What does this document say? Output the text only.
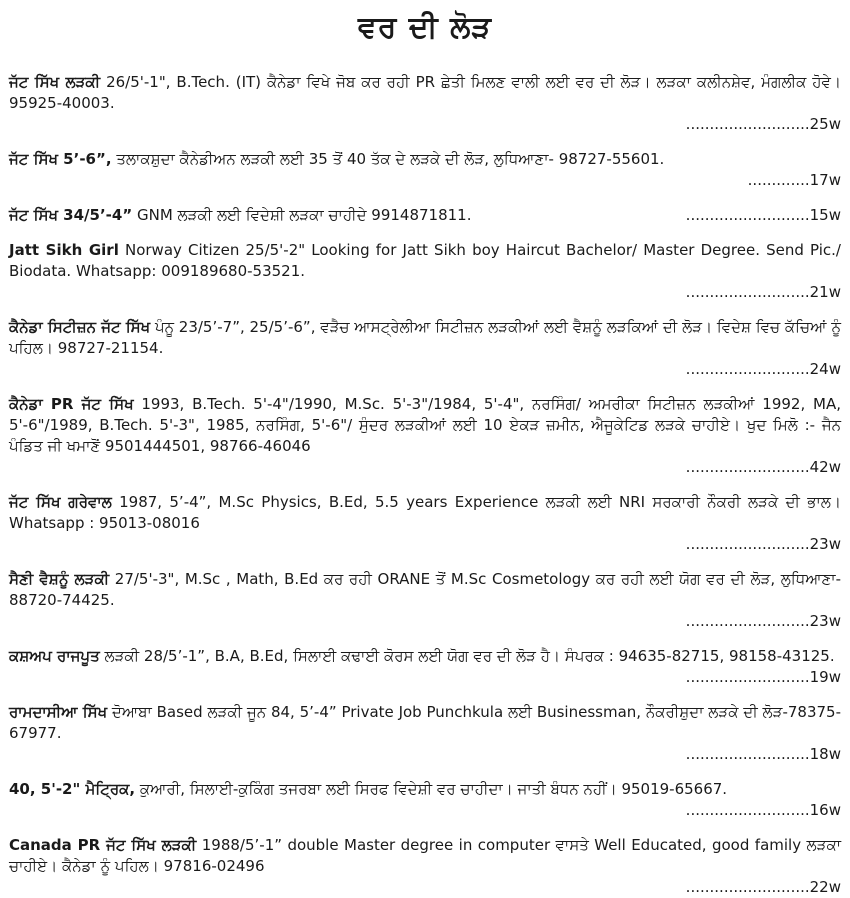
ਵਰ ਦੀ ਲੋੜ
ਜੱਟ ਸਿੱਖ ਲੜਕੀ 26/5'-1", B.Tech. (IT) ਕੈਨੇਡਾ ਵਿਖੇ ਜੋਬ ਕਰ ਰਹੀ PR ਛੇਤੀ ਮਿਲਣ ਵਾਲੀ ਲਈ ਵਰ ਦੀ ਲੋੜ। ਲੜਕਾ ਕਲੀਨਸ਼ੇਵ, ਮੰਗਲੀਕ ਹੋਵੇ। 95925-40003.
..........................25w
ਜੱਟ ਸਿੱਖ 5’-6”, ਤਲਾਕਸ਼ੁਦਾ ਕੈਨੇਡੀਅਨ ਲੜਕੀ ਲਈ 35 ਤੋਂ 40 ਤੱਕ ਦੇ ਲੜਕੇ ਦੀ ਲੋੜ, ਲੁਧਿਆਣਾ- 98727-55601.
.............17w
..........................15w
ਜੱਟ ਸਿੱਖ 34/5’-4” GNM ਲੜਕੀ ਲਈ ਵਿਦੇਸ਼ੀ ਲੜਕਾ ਚਾਹੀਦੇ 9914871811.
Jatt Sikh Girl Norway Citizen 25/5'-2" Looking for Jatt Sikh boy Haircut Bachelor/ Master Degree. Send Pic./ Biodata. Whatsapp: 009189680-53521.
..........................21w
ਕੈਨੇਡਾ ਸਿਟੀਜ਼ਨ ਜੱਟ ਸਿੱਖ ਪੰਨੂ 23/5’-7”, 25/5’-6”, ਵੜੈਚ ਆਸਟ੍ਰੇਲੀਆ ਸਿਟੀਜ਼ਨ ਲੜਕੀਆਂ ਲਈ ਵੈਸ਼ਨੂੰ ਲੜਕਿਆਂ ਦੀ ਲੋੜ। ਵਿਦੇਸ਼ ਵਿਚ ਕੱਚਿਆਂ ਨੂੰ ਪਹਿਲ। 98727-21154.
..........................24w
ਕੈਨੇਡਾ PR ਜੱਟ ਸਿੱਖ 1993, B.Tech. 5'-4"/1990, M.Sc. 5'-3"/1984, 5'-4", ਨਰਸਿੰਗ/ ਅਮਰੀਕਾ ਸਿਟੀਜ਼ਨ ਲੜਕੀਆਂ 1992, MA, 5'-6"/1989, B.Tech. 5'-3", 1985, ਨਰਸਿੰਗ, 5'-6"/ ਸੁੰਦਰ ਲੜਕੀਆਂ ਲਈ 10 ਏਕੜ ਜ਼ਮੀਨ, ਐਜੂਕੇਟਿਡ ਲੜਕੇ ਚਾਹੀਏ। ਖੁਦ ਮਿਲੋ :- ਜੈਨ ਪੰਡਿਤ ਜੀ ਖਮਾਣੋਂ 9501444501, 98766-46046
..........................42w
ਜੱਟ ਸਿੱਖ ਗਰੇਵਾਲ 1987, 5’-4”, M.Sc Physics, B.Ed, 5.5 years Experience ਲੜਕੀ ਲਈ NRI ਸਰਕਾਰੀ ਨੌਕਰੀ ਲੜਕੇ ਦੀ ਭਾਲ। Whatsapp : 95013-08016
..........................23w
ਸੈਣੀ ਵੈਸ਼ਨੂੰ ਲੜਕੀ 27/5'-3", M.Sc , Math, B.Ed ਕਰ ਰਹੀ ORANE ਤੋਂ M.Sc Cosmetology ਕਰ ਰਹੀ ਲਈ ਯੋਗ ਵਰ ਦੀ ਲੋੜ, ਲੁਧਿਆਣਾ- 88720-74425.
..........................23w
ਕਸ਼ਅਪ ਰਾਜਪੂਤ ਲੜਕੀ 28/5’-1”, B.A, B.Ed, ਸਿਲਾਈ ਕਢਾਈ ਕੋਰਸ ਲਈ ਯੋਗ ਵਰ ਦੀ ਲੋੜ ਹੈ। ਸੰਪਰਕ : 94635-82715, 98158-43125.
..........................19w
ਰਾਮਦਾਸੀਆ ਸਿੱਖ ਦੋਆਬਾ Based ਲੜਕੀ ਜੂਨ 84, 5’-4” Private Job Punchkula ਲਈ Businessman, ਨੌਕਰੀਸ਼ੁਦਾ ਲੜਕੇ ਦੀ ਲੋੜ-78375-67977.
..........................18w
40, 5'-2" ਮੈਟ੍ਰਿਕ, ਕੁਆਰੀ, ਸਿਲਾਈ-ਕੁਕਿੰਗ ਤਜਰਬਾ ਲਈ ਸਿਰਫ ਵਿਦੇਸ਼ੀ ਵਰ ਚਾਹੀਦਾ। ਜਾਤੀ ਬੰਧਨ ਨਹੀਂ। 95019-65667.
..........................16w
Canada PR ਜੱਟ ਸਿੱਖ ਲੜਕੀ 1988/5’-1” double Master degree in computer ਵਾਸਤੇ Well Educated, good family ਲੜਕਾ ਚਾਹੀਏ। ਕੈਨੇਡਾ ਨੂੰ ਪਹਿਲ। 97816-02496
..........................22w
